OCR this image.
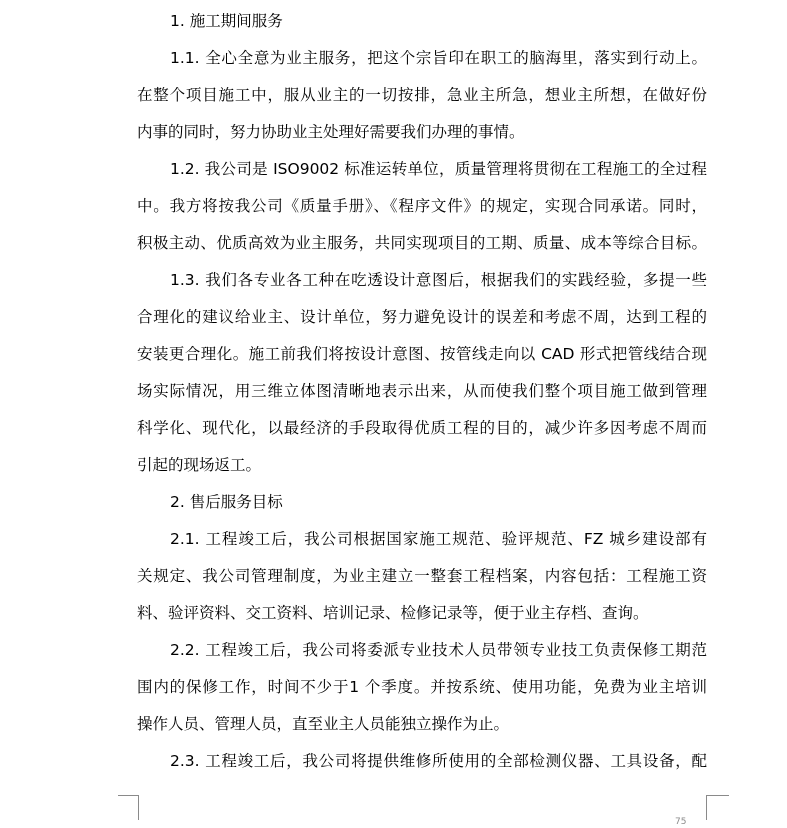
1. 施工期间服务
1.1. 全心全意为业主服务，把这个宗旨印在职工的脑海里，落实到行动上。
在整个项目施工中，服从业主的一切按排，急业主所急，想业主所想，在做好份
内事的同时，努力协助业主处理好需要我们办理的事情。
1.2. 我公司是 ISO9002 标准运转单位，质量管理将贯彻在工程施工的全过程
中。我方将按我公司《质量手册》、《程序文件》的规定，实现合同承诺。同时，
积极主动、优质高效为业主服务，共同实现项目的工期、质量、成本等综合目标。
1.3. 我们各专业各工种在吃透设计意图后，根据我们的实践经验，多提一些
合理化的建议给业主、设计单位，努力避免设计的误差和考虑不周，达到工程的
安装更合理化。施工前我们将按设计意图、按管线走向以 CAD 形式把管线结合现
场实际情况，用三维立体图清晰地表示出来，从而使我们整个项目施工做到管理
科学化、现代化，以最经济的手段取得优质工程的目的，减少许多因考虑不周而
引起的现场返工。
2. 售后服务目标
2.1. 工程竣工后，我公司根据国家施工规范、验评规范、FZ 城乡建设部有
关规定、我公司管理制度，为业主建立一整套工程档案，内容包括：工程施工资
料、验评资料、交工资料、培训记录、检修记录等，便于业主存档、查询。
2.2. 工程竣工后，我公司将委派专业技术人员带领专业技工负责保修工期范
围内的保修工作，时间不少于1 个季度。并按系统、使用功能，免费为业主培训
操作人员、管理人员，直至业主人员能独立操作为止。
2.3. 工程竣工后，我公司将提供维修所使用的全部检测仪器、工具设备，配
75
